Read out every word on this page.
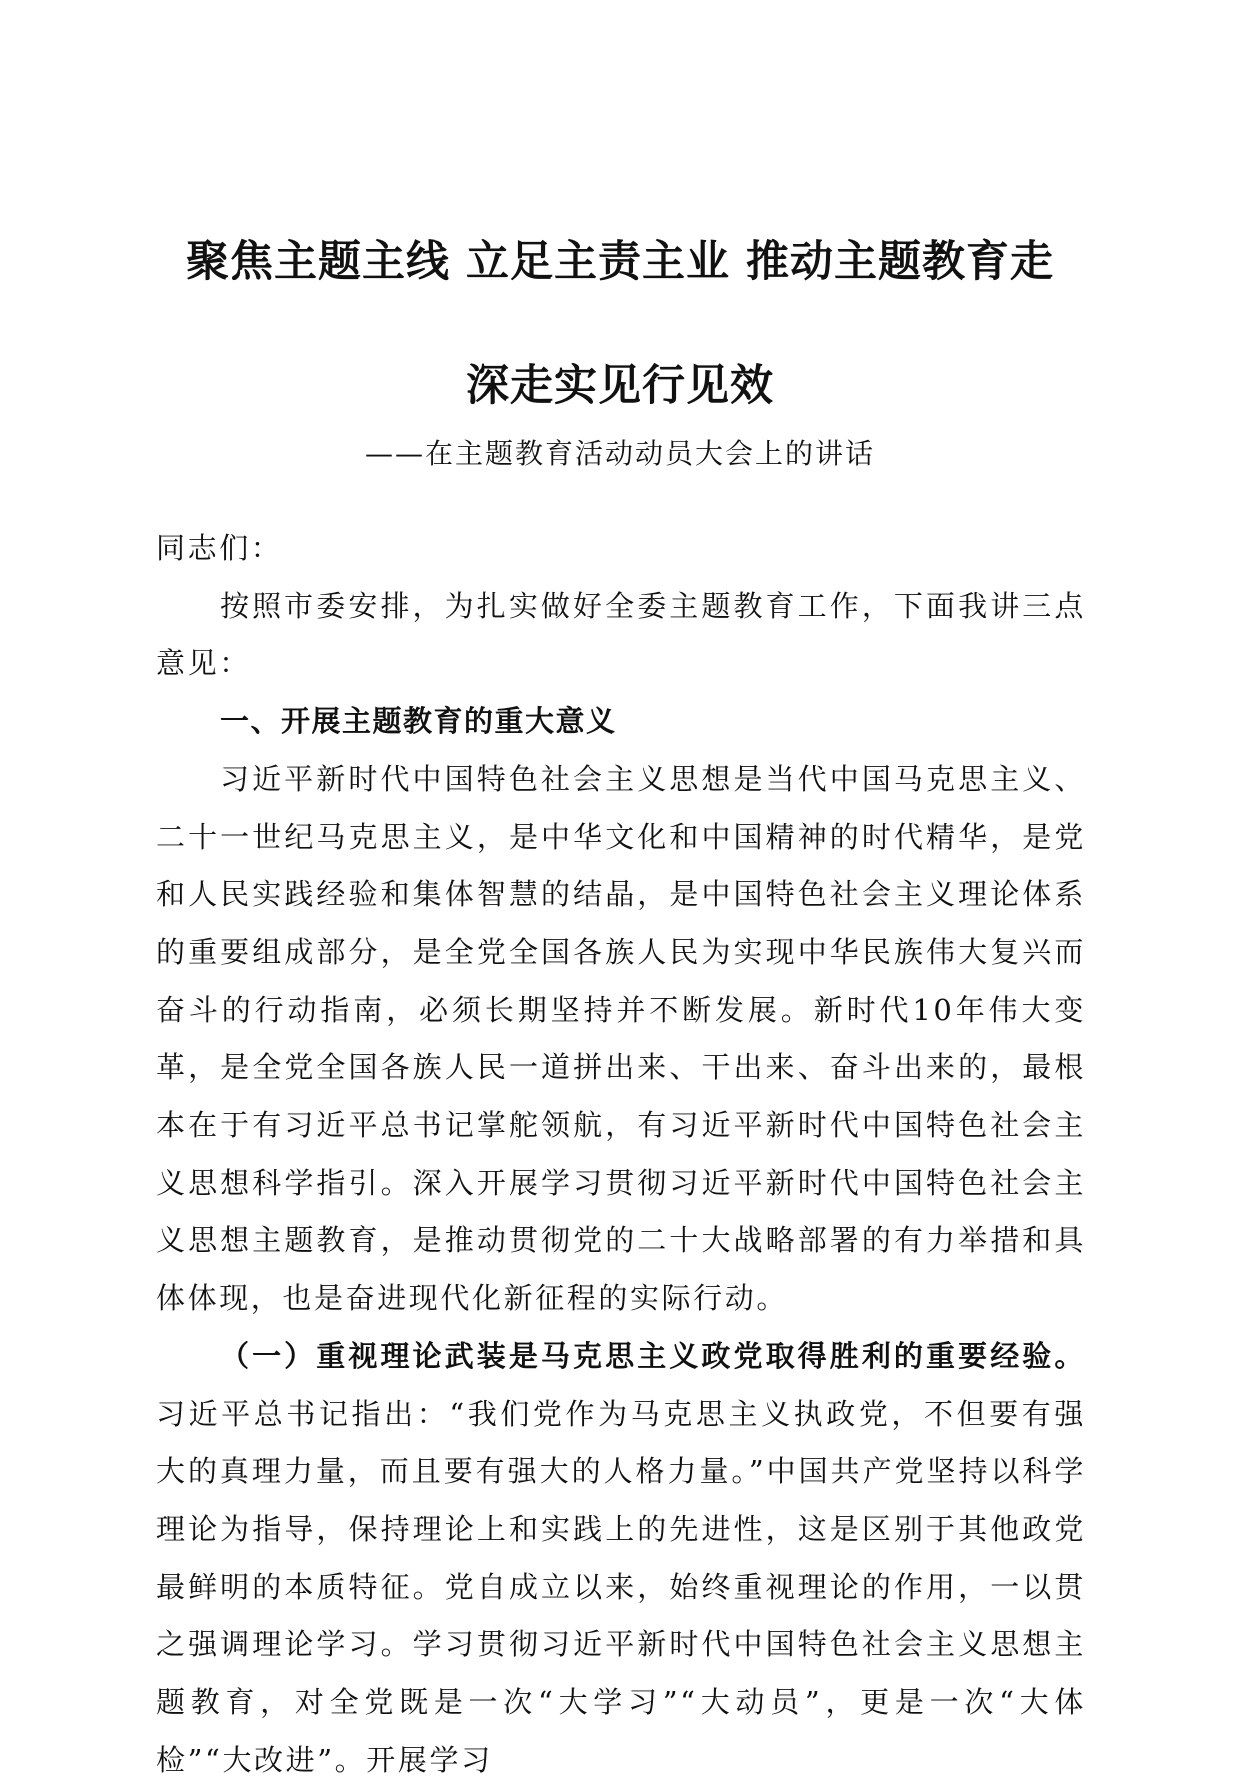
聚焦主题主线 立足主责主业 推动主题教育走
深走实见行见效
——在主题教育活动动员大会上的讲话

同志们：

按照市委安排，为扎实做好全委主题教育工作，下面我讲三点意见：

一、开展主题教育的重大意义

习近平新时代中国特色社会主义思想是当代中国马克思主义、二十一世纪马克思主义，是中华文化和中国精神的时代精华，是党和人民实践经验和集体智慧的结晶，是中国特色社会主义理论体系的重要组成部分，是全党全国各族人民为实现中华民族伟大复兴而奋斗的行动指南，必须长期坚持并不断发展。新时代10年伟大变革，是全党全国各族人民一道拼出来、干出来、奋斗出来的，最根本在于有习近平总书记掌舵领航，有习近平新时代中国特色社会主义思想科学指引。深入开展学习贯彻习近平新时代中国特色社会主义思想主题教育，是推动贯彻党的二十大战略部署的有力举措和具体体现，也是奋进现代化新征程的实际行动。

（一）重视理论武装是马克思主义政党取得胜利的重要经验。习近平总书记指出：“我们党作为马克思主义执政党，不但要有强大的真理力量，而且要有强大的人格力量。”中国共产党坚持以科学理论为指导，保持理论上和实践上的先进性，这是区别于其他政党最鲜明的本质特征。党自成立以来，始终重视理论的作用，一以贯之强调理论学习。学习贯彻习近平新时代中国特色社会主义思想主题教育，对全党既是一次“大学习”“大动员”，更是一次“大体检”“大改进”。开展学习
